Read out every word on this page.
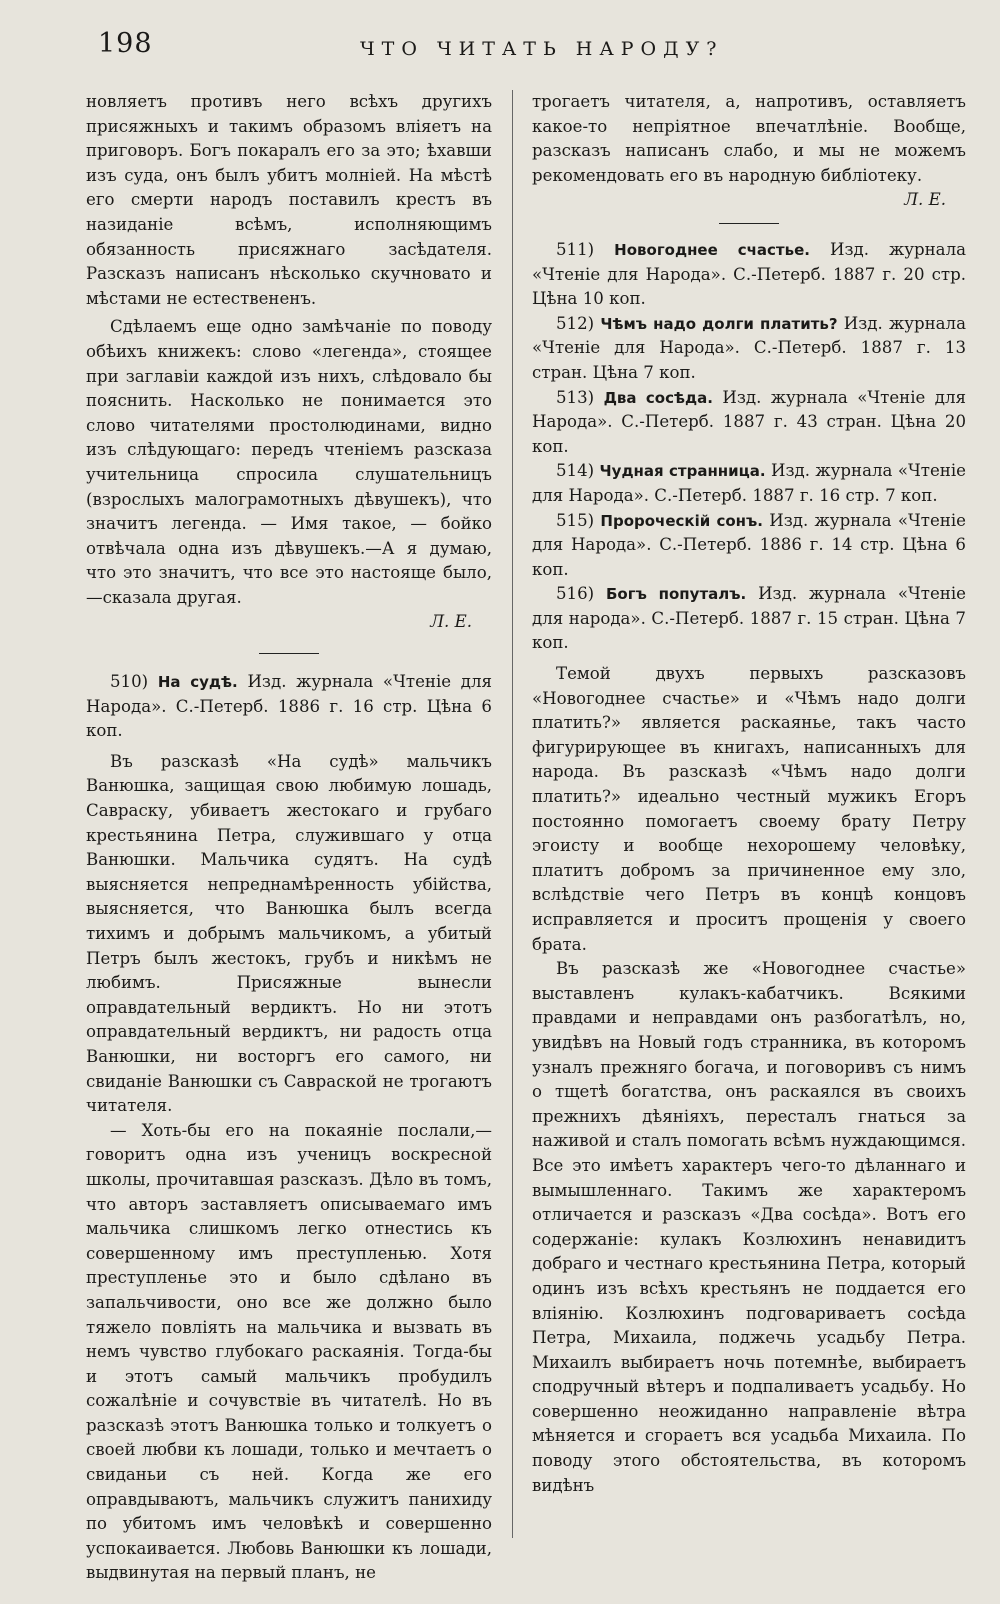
198	ЧТО ЧИТАТЬ НАРОДУ?

новляетъ противъ него всѣхъ другихъ присяжныхъ и такимъ образомъ вліяетъ на приговоръ. Богъ покаралъ его за это; ѣхавши изъ суда, онъ былъ убитъ молніей. На мѣстѣ его смерти народъ поставилъ крестъ въ назиданіе всѣмъ, исполняющимъ обязанность присяжнаго засѣдателя. Разсказъ написанъ нѣсколько скучновато и мѣстами не естествененъ.

Сдѣлаемъ еще одно замѣчаніе по поводу обѣихъ книжекъ: слово «легенда», стоящее при заглавіи каждой изъ нихъ, слѣдовало бы пояснить. Насколько не понимается это слово читателями простолюдинами, видно изъ слѣдующаго: передъ чтеніемъ разсказа учительница спросила слушательницъ (взрослыхъ малограмотныхъ дѣвушекъ), что значитъ легенда. — Имя такое, — бойко отвѣчала одна изъ дѣвушекъ.—А я думаю, что это значитъ, что все это настояще было,—сказала другая.

Л. Е.

510) На судѣ. Изд. журнала «Чтеніе для Народа». С.-Петерб. 1886 г. 16 стр. Цѣна 6 коп.

Въ разсказѣ «На судѣ» мальчикъ Ванюшка, защищая свою любимую лошадь, Савраску, убиваетъ жестокаго и грубаго крестьянина Петра, служившаго у отца Ванюшки. Мальчика судятъ. На судѣ выясняется непреднамѣренность убійства, выясняется, что Ванюшка былъ всегда тихимъ и добрымъ мальчикомъ, а убитый Петръ былъ жестокъ, грубъ и никѣмъ не любимъ. Присяжные вынесли оправдательный вердиктъ. Но ни этотъ оправдательный вердиктъ, ни радость отца Ванюшки, ни восторгъ его самого, ни свиданіе Ванюшки съ Савраской не трогаютъ читателя.

— Хоть-бы его на покаяніе послали,—говоритъ одна изъ ученицъ воскресной школы, прочитавшая разсказъ. Дѣло въ томъ, что авторъ заставляетъ описываемаго имъ мальчика слишкомъ легко отнестись къ совершенному имъ преступленью. Хотя преступленье это и было сдѣлано въ запальчивости, оно все же должно было тяжело повліять на мальчика и вызвать въ немъ чувство глубокаго раскаянія. Тогда-бы и этотъ самый мальчикъ пробудилъ сожалѣніе и сочувствіе въ читателѣ. Но въ разсказѣ этотъ Ванюшка только и толкуетъ о своей любви къ лошади, только и мечтаетъ о свиданьи съ ней. Когда же его оправдываютъ, мальчикъ служитъ панихиду по убитомъ имъ человѣкѣ и совершенно успокаивается. Любовь Ванюшки къ лошади, выдвинутая на первый планъ, не

трогаетъ читателя, а, напротивъ, оставляетъ какое-то непріятное впечатлѣніе. Вообще, разсказъ написанъ слабо, и мы не можемъ рекомендовать его въ народную библіотеку.

Л. Е.

511) Новогоднее счастье. Изд. журнала «Чтеніе для Народа». С.-Петерб. 1887 г. 20 стр. Цѣна 10 коп.

512) Чѣмъ надо долги платить? Изд. журнала «Чтеніе для Народа». С.-Петерб. 1887 г. 13 стран. Цѣна 7 коп.

513) Два сосѣда. Изд. журнала «Чтеніе для Народа». С.-Петерб. 1887 г. 43 стран. Цѣна 20 коп.

514) Чудная странница. Изд. журнала «Чтеніе для Народа». С.-Петерб. 1887 г. 16 стр. 7 коп.

515) Пророческій сонъ. Изд. журнала «Чтеніе для Народа». С.-Петерб. 1886 г. 14 стр. Цѣна 6 коп.

516) Богъ попуталъ. Изд. журнала «Чтеніе для народа». С.-Петерб. 1887 г. 15 стран. Цѣна 7 коп.

Темой двухъ первыхъ разсказовъ «Новогоднее счастье» и «Чѣмъ надо долги платить?» является раскаянье, такъ часто фигурирующее въ книгахъ, написанныхъ для народа. Въ разсказѣ «Чѣмъ надо долги платить?» идеально честный мужикъ Егоръ постоянно помогаетъ своему брату Петру эгоисту и вообще нехорошему человѣку, платитъ добромъ за причиненное ему зло, вслѣдствіе чего Петръ въ концѣ концовъ исправляется и проситъ прощенія у своего брата.

Въ разсказѣ же «Новогоднее счастье» выставленъ кулакъ-кабатчикъ. Всякими правдами и неправдами онъ разбогатѣлъ, но, увидѣвъ на Новый годъ странника, въ которомъ узналъ прежняго богача, и поговоривъ съ нимъ о тщетѣ богатства, онъ раскаялся въ своихъ прежнихъ дѣяніяхъ, пересталъ гнаться за наживой и сталъ помогать всѣмъ нуждающимся. Все это имѣетъ характеръ чего-то дѣланнаго и вымышленнаго. Такимъ же характеромъ отличается и разсказъ «Два сосѣда». Вотъ его содержаніе: кулакъ Козлюхинъ ненавидитъ добраго и честнаго крестьянина Петра, который одинъ изъ всѣхъ крестьянъ не поддается его вліянію. Козлюхинъ подговариваетъ сосѣда Петра, Михаила, поджечь усадьбу Петра. Михаилъ выбираетъ ночь потемнѣе, выбираетъ сподручный вѣтеръ и подпаливаетъ усадьбу. Но совершенно неожиданно направленіе вѣтра мѣняется и сгораетъ вся усадьба Михаила. По поводу этого обстоятельства, въ которомъ видѣнъ
